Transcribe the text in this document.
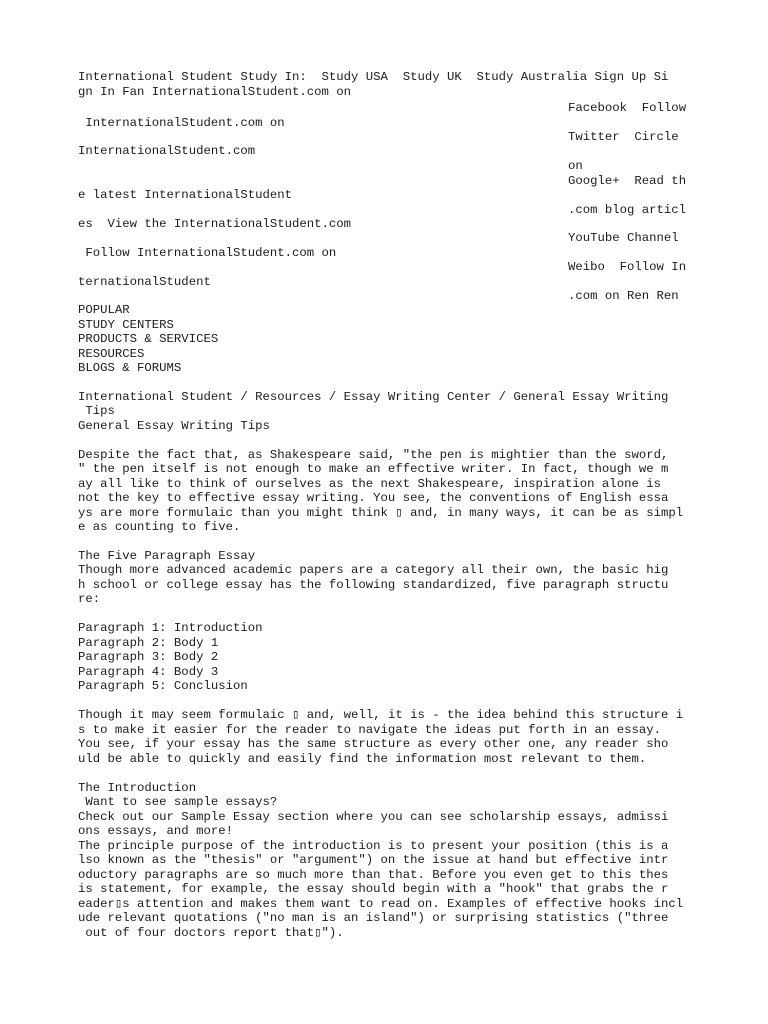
International Student Study In:  Study USA  Study UK  Study Australia Sign Up Si
gn In Fan InternationalStudent.com on
Facebook  Follow
InternationalStudent.com on
Twitter  Circle
InternationalStudent.com
on
Google+  Read th
e latest InternationalStudent
.com blog articl
es  View the InternationalStudent.com
YouTube Channel
Follow InternationalStudent.com on
Weibo  Follow In
ternationalStudent
.com on Ren Ren
POPULAR
STUDY CENTERS
PRODUCTS & SERVICES
RESOURCES
BLOGS & FORUMS
International Student / Resources / Essay Writing Center / General Essay Writing
Tips
General Essay Writing Tips
Despite the fact that, as Shakespeare said, "the pen is mightier than the sword,
" the pen itself is not enough to make an effective writer. In fact, though we m
ay all like to think of ourselves as the next Shakespeare, inspiration alone is
not the key to effective essay writing. You see, the conventions of English essa
ys are more formulaic than you might think ▯ and, in many ways, it can be as simpl
e as counting to five.
The Five Paragraph Essay
Though more advanced academic papers are a category all their own, the basic hig
h school or college essay has the following standardized, five paragraph structu
re:
Paragraph 1: Introduction
Paragraph 2: Body 1
Paragraph 3: Body 2
Paragraph 4: Body 3
Paragraph 5: Conclusion
Though it may seem formulaic ▯ and, well, it is - the idea behind this structure i
s to make it easier for the reader to navigate the ideas put forth in an essay.
You see, if your essay has the same structure as every other one, any reader sho
uld be able to quickly and easily find the information most relevant to them.
The Introduction
Want to see sample essays?
Check out our Sample Essay section where you can see scholarship essays, admissi
ons essays, and more!
The principle purpose of the introduction is to present your position (this is a
lso known as the "thesis" or "argument") on the issue at hand but effective intr
oductory paragraphs are so much more than that. Before you even get to this thes
is statement, for example, the essay should begin with a "hook" that grabs the r
eader▯s attention and makes them want to read on. Examples of effective hooks incl
ude relevant quotations ("no man is an island") or surprising statistics ("three
out of four doctors report that▯").
